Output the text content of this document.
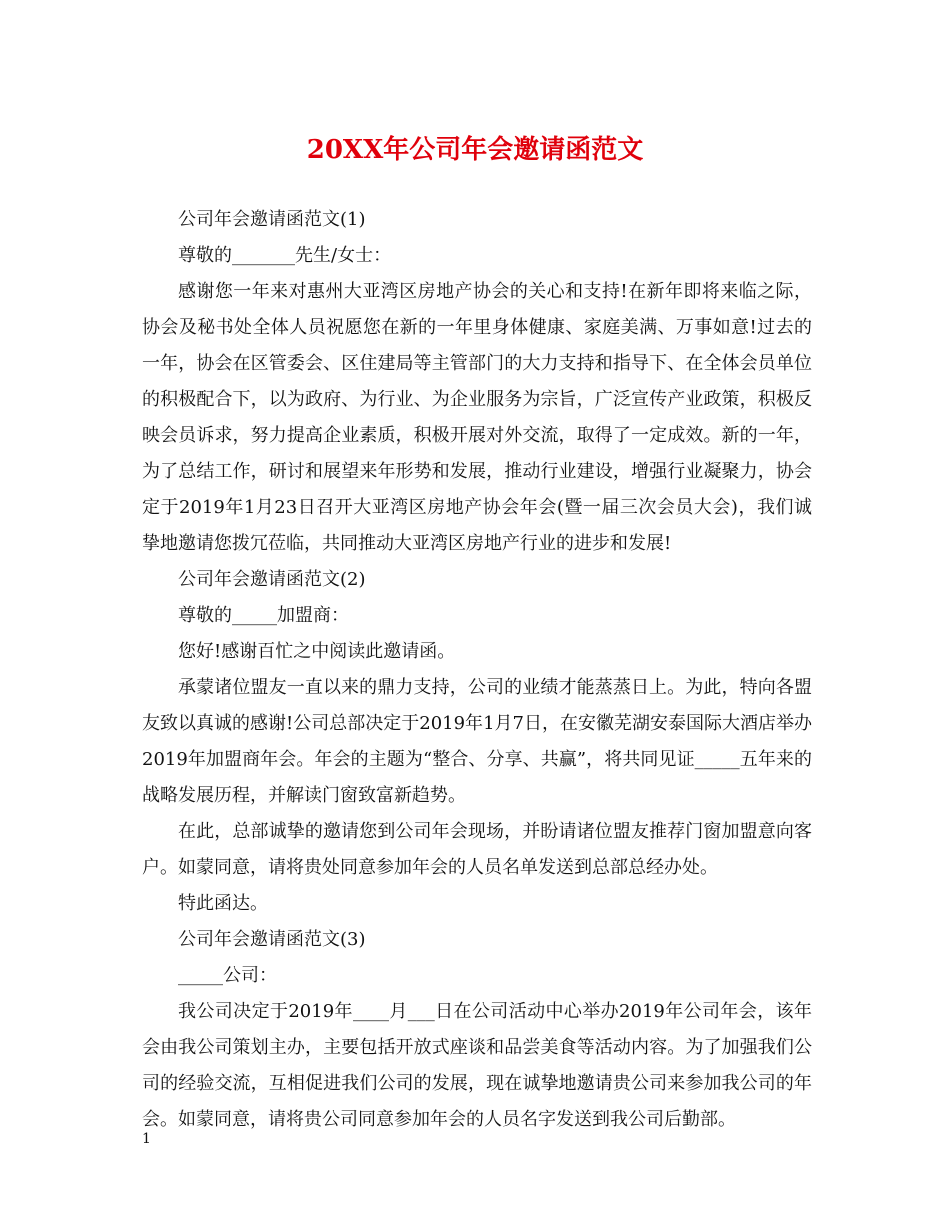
20XX年公司年会邀请函范文

公司年会邀请函范文(1)

尊敬的_______先生/女士：

感谢您一年来对惠州大亚湾区房地产协会的关心和支持!在新年即将来临之际，协会及秘书处全体人员祝愿您在新的一年里身体健康、家庭美满、万事如意!过去的一年，协会在区管委会、区住建局等主管部门的大力支持和指导下、在全体会员单位的积极配合下，以为政府、为行业、为企业服务为宗旨，广泛宣传产业政策，积极反映会员诉求，努力提高企业素质，积极开展对外交流，取得了一定成效。新的一年，为了总结工作，研讨和展望来年形势和发展，推动行业建设，增强行业凝聚力，协会定于2019年1月23日召开大亚湾区房地产协会年会(暨一届三次会员大会)，我们诚挚地邀请您拨冗莅临，共同推动大亚湾区房地产行业的进步和发展!

公司年会邀请函范文(2)

尊敬的_____加盟商：

您好!感谢百忙之中阅读此邀请函。

承蒙诸位盟友一直以来的鼎力支持，公司的业绩才能蒸蒸日上。为此，特向各盟友致以真诚的感谢!公司总部决定于2019年1月7日，在安徽芜湖安泰国际大酒店举办2019年加盟商年会。年会的主题为“整合、分享、共赢”，将共同见证_____五年来的战略发展历程，并解读门窗致富新趋势。

在此，总部诚挚的邀请您到公司年会现场，并盼请诸位盟友推荐门窗加盟意向客户。如蒙同意，请将贵处同意参加年会的人员名单发送到总部总经办处。

特此函达。

公司年会邀请函范文(3)

_____公司：

我公司决定于2019年____月___日在公司活动中心举办2019年公司年会，该年会由我公司策划主办，主要包括开放式座谈和品尝美食等活动内容。为了加强我们公司的经验交流，互相促进我们公司的发展，现在诚挚地邀请贵公司来参加我公司的年会。如蒙同意，请将贵公司同意参加年会的人员名字发送到我公司后勤部。

1
